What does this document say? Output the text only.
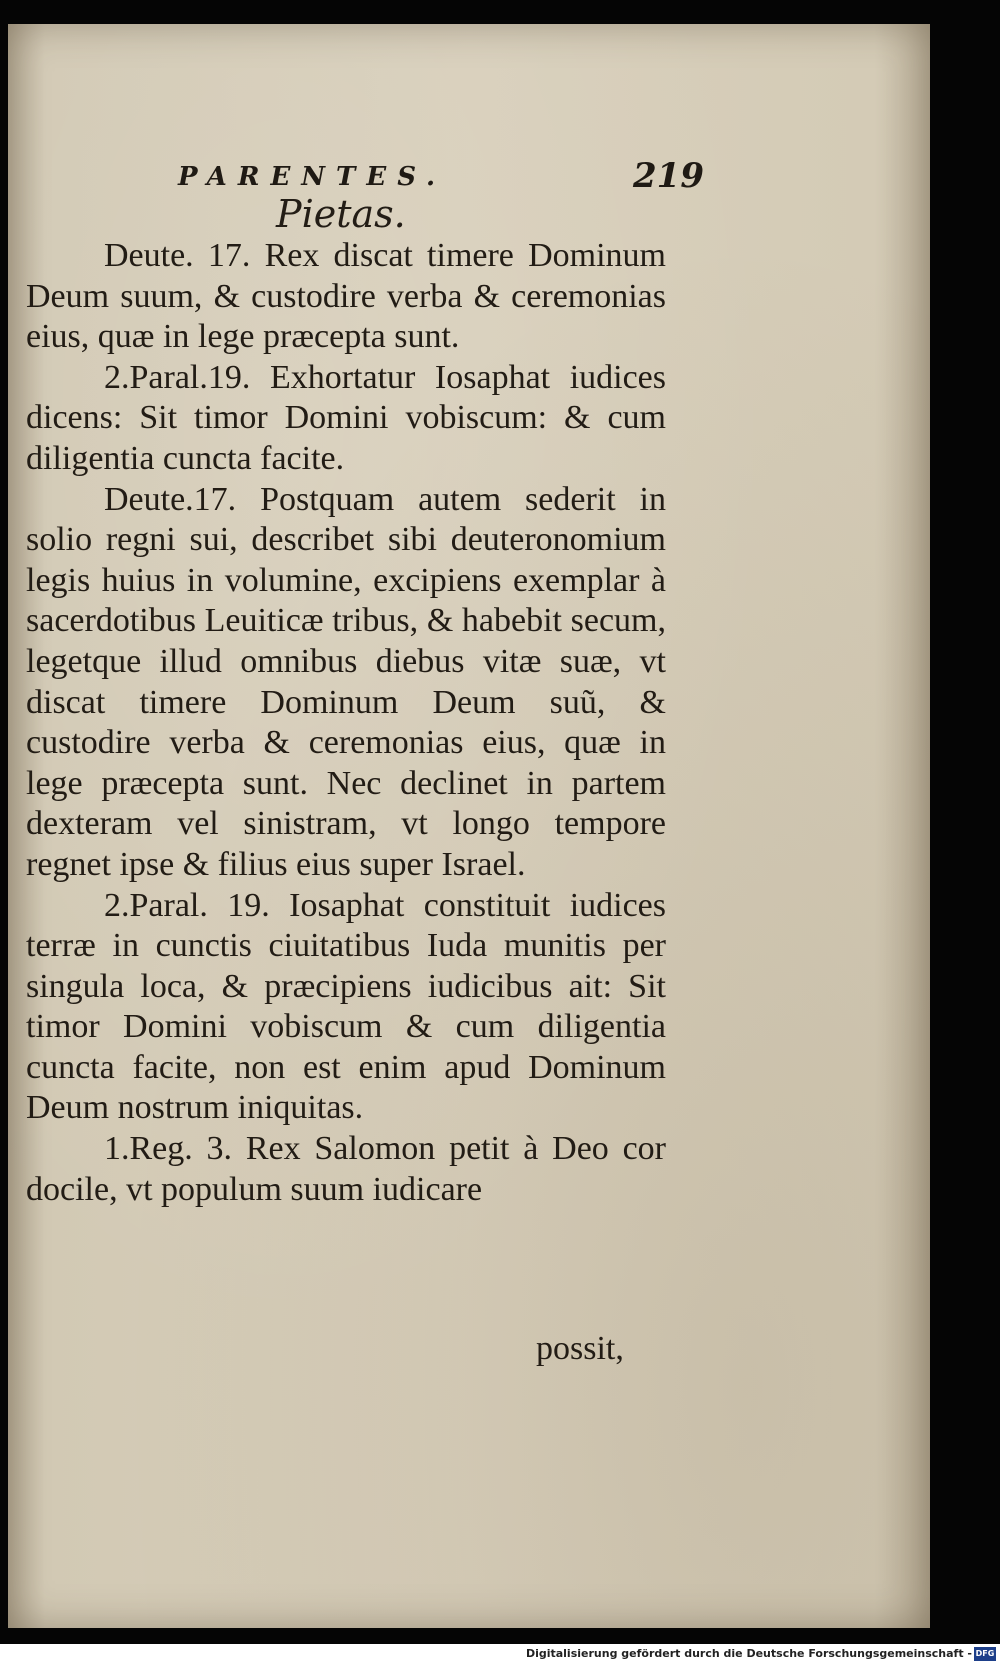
PARENTES.	219
Pietas.

Deute. 17. Rex discat timere Dominum Deum suum, & custodire verba & ceremonias eius, quæ in lege præcepta sunt.

2.Paral.19. Exhortatur Iosaphat iudices dicens: Sit timor Domini vobiscum: & cum diligentia cuncta facite.

Deute.17. Postquam autem sederit in solio regni sui, describet sibi deuteronomium legis huius in volumine, excipiens exemplar à sacerdotibus Leuiticæ tribus, & habebit secum, legetque illud omnibus diebus vitæ suæ, vt discat timere Dominum Deum suũ, & custodire verba & ceremonias eius, quæ in lege præcepta sunt. Nec declinet in partem dexteram vel sinistram, vt longo tempore regnet ipse & filius eius super Israel.

2.Paral. 19. Iosaphat constituit iudices terræ in cunctis ciuitatibus Iuda munitis per singula loca, & præcipiens iudicibus ait: Sit timor Domini vobiscum & cum diligentia cuncta facite, non est enim apud Dominum Deum nostrum iniquitas.

1.Reg. 3. Rex Salomon petit à Deo cor docile, vt populum suum iudicare

possit,
Digitalisierung gefördert durch die Deutsche Forschungsgemeinschaft - DFG
